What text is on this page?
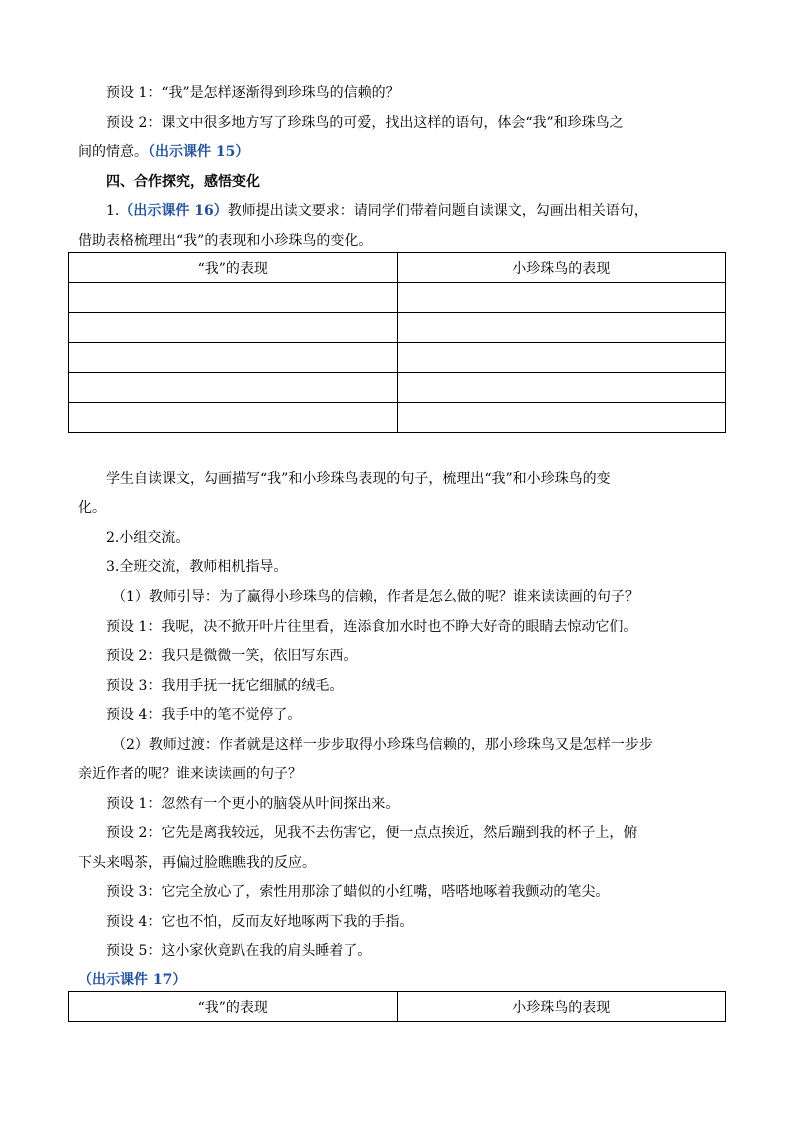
预设 1：“我”是怎样逐渐得到珍珠鸟的信赖的？
预设 2：课文中很多地方写了珍珠鸟的可爱，找出这样的语句，体会“我”和珍珠鸟之
间的情意。（出示课件 15）
四、合作探究，感悟变化
1.（出示课件 16）教师提出读文要求：请同学们带着问题自读课文，勾画出相关语句，
借助表格梳理出“我”的表现和小珍珠鸟的变化。
“我”的表现	小珍珠鸟的表现

学生自读课文，勾画描写“我”和小珍珠鸟表现的句子，梳理出“我”和小珍珠鸟的变
化。
2.小组交流。
3.全班交流，教师相机指导。
（1）教师引导：为了赢得小珍珠鸟的信赖，作者是怎么做的呢？谁来读读画的句子？
预设 1：我呢，决不掀开叶片往里看，连添食加水时也不睁大好奇的眼睛去惊动它们。
预设 2：我只是微微一笑，依旧写东西。
预设 3：我用手抚一抚它细腻的绒毛。
预设 4：我手中的笔不觉停了。
（2）教师过渡：作者就是这样一步步取得小珍珠鸟信赖的，那小珍珠鸟又是怎样一步步
亲近作者的呢？谁来读读画的句子？
预设 1：忽然有一个更小的脑袋从叶间探出来。
预设 2：它先是离我较远，见我不去伤害它，便一点点挨近，然后蹦到我的杯子上，俯
下头来喝茶，再偏过脸瞧瞧我的反应。
预设 3：它完全放心了，索性用那涂了蜡似的小红嘴，嗒嗒地啄着我颤动的笔尖。
预设 4：它也不怕，反而友好地啄两下我的手指。
预设 5：这小家伙竟趴在我的肩头睡着了。
（出示课件 17）
“我”的表现	小珍珠鸟的表现
